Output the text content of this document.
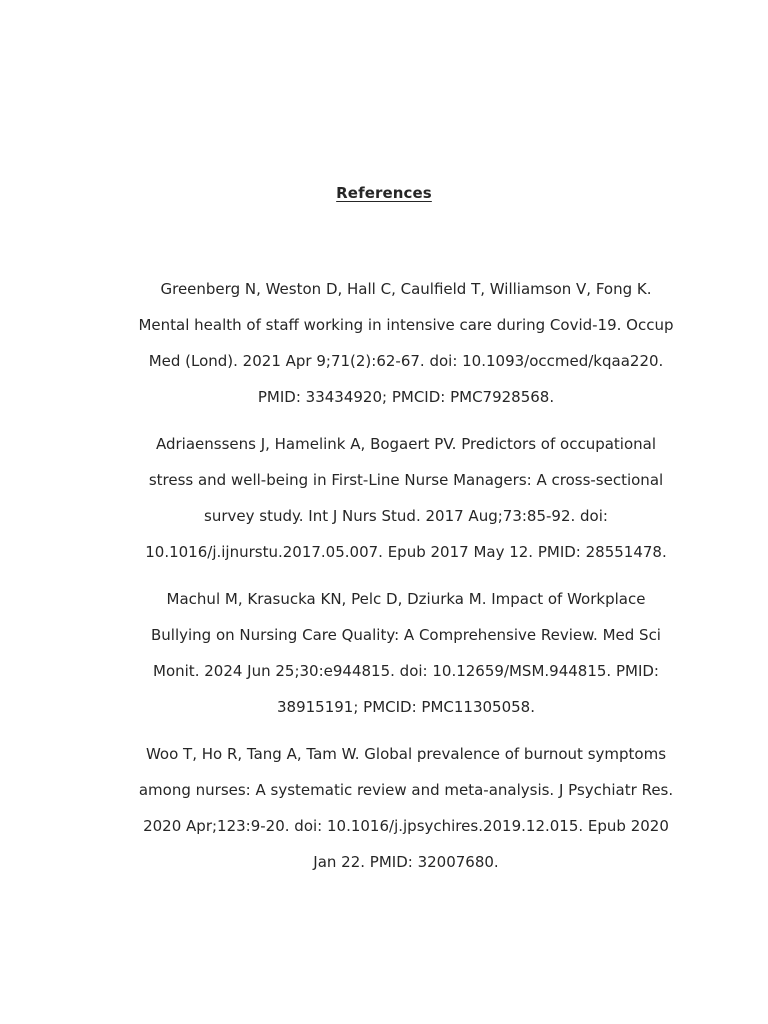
References

Greenberg N, Weston D, Hall C, Caulfield T, Williamson V, Fong K.
Mental health of staff working in intensive care during Covid-19. Occup
Med (Lond). 2021 Apr 9;71(2):62-67. doi: 10.1093/occmed/kqaa220.
PMID: 33434920; PMCID: PMC7928568.

Adriaenssens J, Hamelink A, Bogaert PV. Predictors of occupational
stress and well-being in First-Line Nurse Managers: A cross-sectional
survey study. Int J Nurs Stud. 2017 Aug;73:85-92. doi:
10.1016/j.ijnurstu.2017.05.007. Epub 2017 May 12. PMID: 28551478.

Machul M, Krasucka KN, Pelc D, Dziurka M. Impact of Workplace
Bullying on Nursing Care Quality: A Comprehensive Review. Med Sci
Monit. 2024 Jun 25;30:e944815. doi: 10.12659/MSM.944815. PMID:
38915191; PMCID: PMC11305058.

Woo T, Ho R, Tang A, Tam W. Global prevalence of burnout symptoms
among nurses: A systematic review and meta-analysis. J Psychiatr Res.
2020 Apr;123:9-20. doi: 10.1016/j.jpsychires.2019.12.015. Epub 2020
Jan 22. PMID: 32007680.
